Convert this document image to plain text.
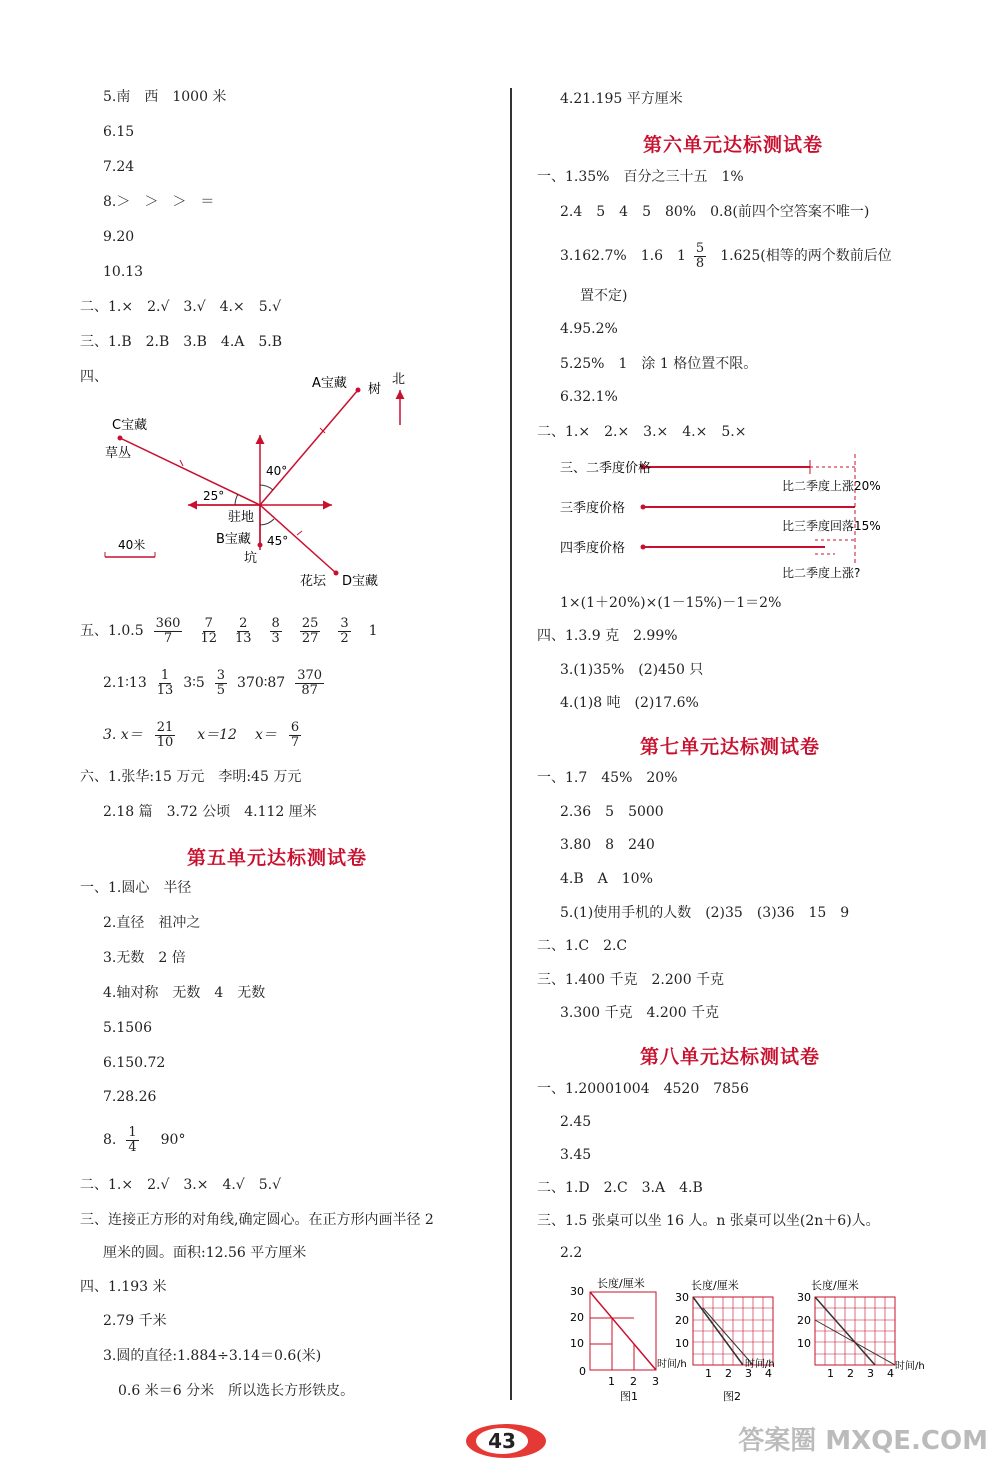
5.南　西　1000 米
6.15
7.24
8.＞　＞　＞　＝
9.20
10.13
二、1.×　2.√　3.√　4.×　5.√
三、1.B　2.B　3.B　4.A　5.B
四、	A宝藏 树
北
C宝藏
草丛
40°
25°
驻地
B宝藏 45°
坑
花坛 D宝藏
40米
五、$1.0.5 \frac{360}{7} \frac{7}{12} \frac{2}{13} \frac{8}{3} \frac{25}{27} \frac{3}{2} 1$
2.1∶13 $\frac{1}{13}$ 3∶5 $\frac{3}{5}$ 370∶87 $\frac{370}{87}$
3. $x= \frac{21}{10} x=12$ $x= \frac{6}{7}$
六、1.张华:15 万元　李明:45 万元
2.18 篇　3.72 公顷　4.112 厘米
第五单元达标测试卷
一、1.圆心　半径
2.直径　祖冲之
3.无数　2 倍
4.轴对称　无数　4　无数
5.1506
6.150.72
7.28.26
8. $\frac{1}{4} 90^\circ$
二、1.×　2.√　3.×　4.√　5.√
三、连接正方形的对角线,确定圆心。在正方形内画半径 2
厘米的圆。面积:12.56 平方厘米
四、1.193 米
2.79 千米
3.圆的直径:1.884÷3.14＝0.6(米)
0.6 米＝6 分米　所以选长方形铁皮。
4.21.195 平方厘米
第六单元达标测试卷
一、1.35%　百分之三十五　1%
2.4　5　4　5　80%　0.8(前四个空答案不唯一)
3.162.7%　1.6　$1 \frac{5}{8} 1.625$(相等的两个数前后位
置不定)
4.95.2%
5.25%　1　涂 1 格位置不限。
6.32.1%
二、1.×　2.×　3.×　4.×　5.×
三、二季度价格
三季度价格
四季度价格
比二季度上涨20%
比三季度回落15%
比二季度上涨?
1×(1＋20%)×(1－15%)－1＝2%
四、1.3.9 克　2.99%
3.(1)35%　(2)450 只
4.(1)8 吨　(2)17.6%
第七单元达标测试卷
一、1.7　45%　20%
2.36　5　5000
3.80　8　240
4.B　A　10%
5.(1)使用手机的人数　(2)35　(3)36　15　9
二、1.C　2.C
三、1.400 千克　2.200 千克
3.300 千克　4.200 千克
第八单元达标测试卷
一、1.20001004　4520　7856
2.45
3.45
二、1.D　2.C　3.A　4.B
三、1.5 张桌可以坐 16 人。n 张桌可以坐(2n＋6)人。
2.2
30
20
10
0
1 2 3
长度/厘米
时间/h
图1
30
20
10
1 2 3 4
长度/厘米
时间/h
图2
30
20
10
1 2 3 4
长度/厘米
时间/h
43	答案圈 MXQE.COM
